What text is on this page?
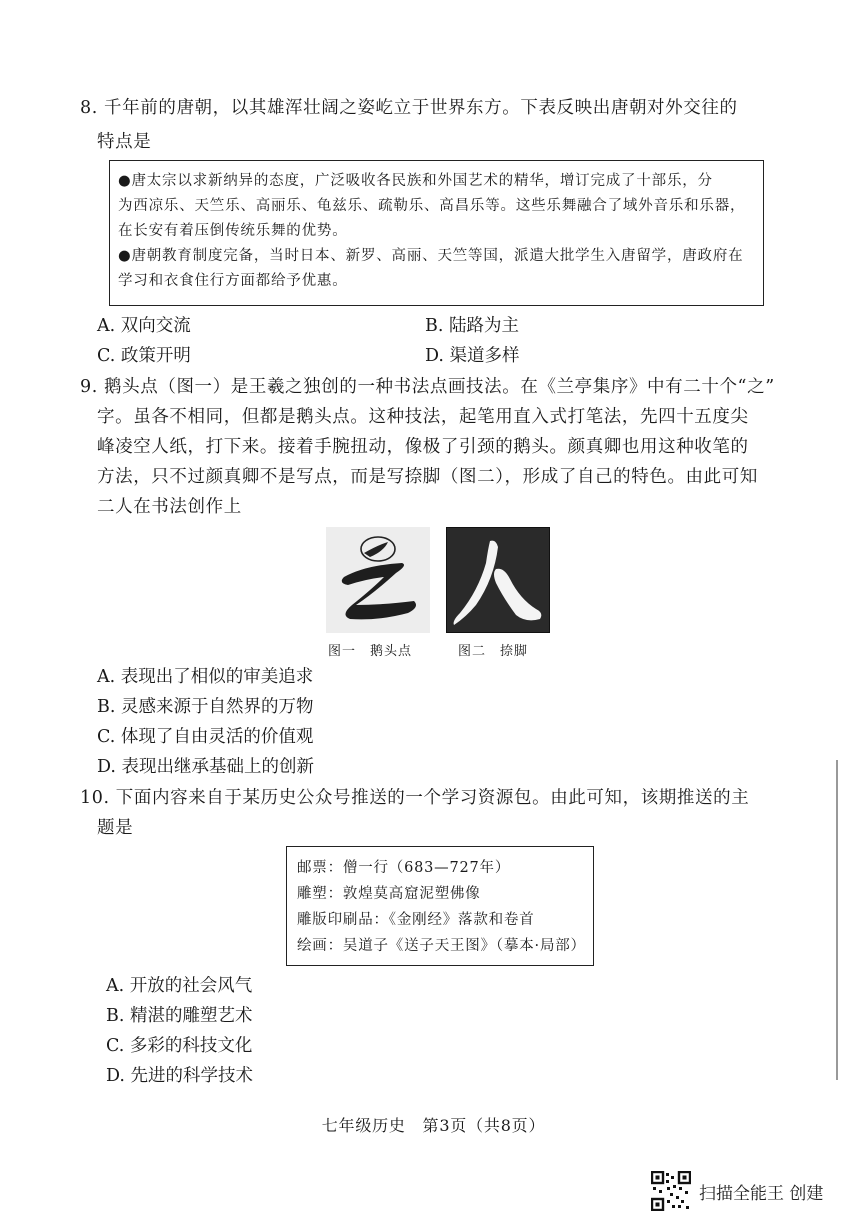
8. 千年前的唐朝，以其雄浑壮阔之姿屹立于世界东方。下表反映出唐朝对外交往的
特点是
●唐太宗以求新纳异的态度，广泛吸收各民族和外国艺术的精华，增订完成了十部乐，分
为西凉乐、天竺乐、高丽乐、龟兹乐、疏勒乐、高昌乐等。这些乐舞融合了域外音乐和乐器，
在长安有着压倒传统乐舞的优势。
●唐朝教育制度完备，当时日本、新罗、高丽、天竺等国，派遣大批学生入唐留学，唐政府在
学习和衣食住行方面都给予优惠。
A. 双向交流	B. 陆路为主
C. 政策开明	D. 渠道多样
9. 鹅头点（图一）是王羲之独创的一种书法点画技法。在《兰亭集序》中有二十个“之”
字。虽各不相同，但都是鹅头点。这种技法，起笔用直入式打笔法，先四十五度尖
峰凌空人纸，打下来。接着手腕扭动，像极了引颈的鹅头。颜真卿也用这种收笔的
方法，只不过颜真卿不是写点，而是写捺脚（图二），形成了自己的特色。由此可知
二人在书法创作上
图一　鹅头点	图二　捺脚
A. 表现出了相似的审美追求
B. 灵感来源于自然界的万物
C. 体现了自由灵活的价值观
D. 表现出继承基础上的创新
10. 下面内容来自于某历史公众号推送的一个学习资源包。由此可知，该期推送的主
题是
邮票：僧一行（683—727年）
雕塑：敦煌莫高窟泥塑佛像
雕版印刷品：《金刚经》落款和卷首
绘画：吴道子《送子天王图》（摹本·局部）
A. 开放的社会风气
B. 精湛的雕塑艺术
C. 多彩的科技文化
D. 先进的科学技术
七年级历史　第3页（共8页）
扫描全能王 创建
